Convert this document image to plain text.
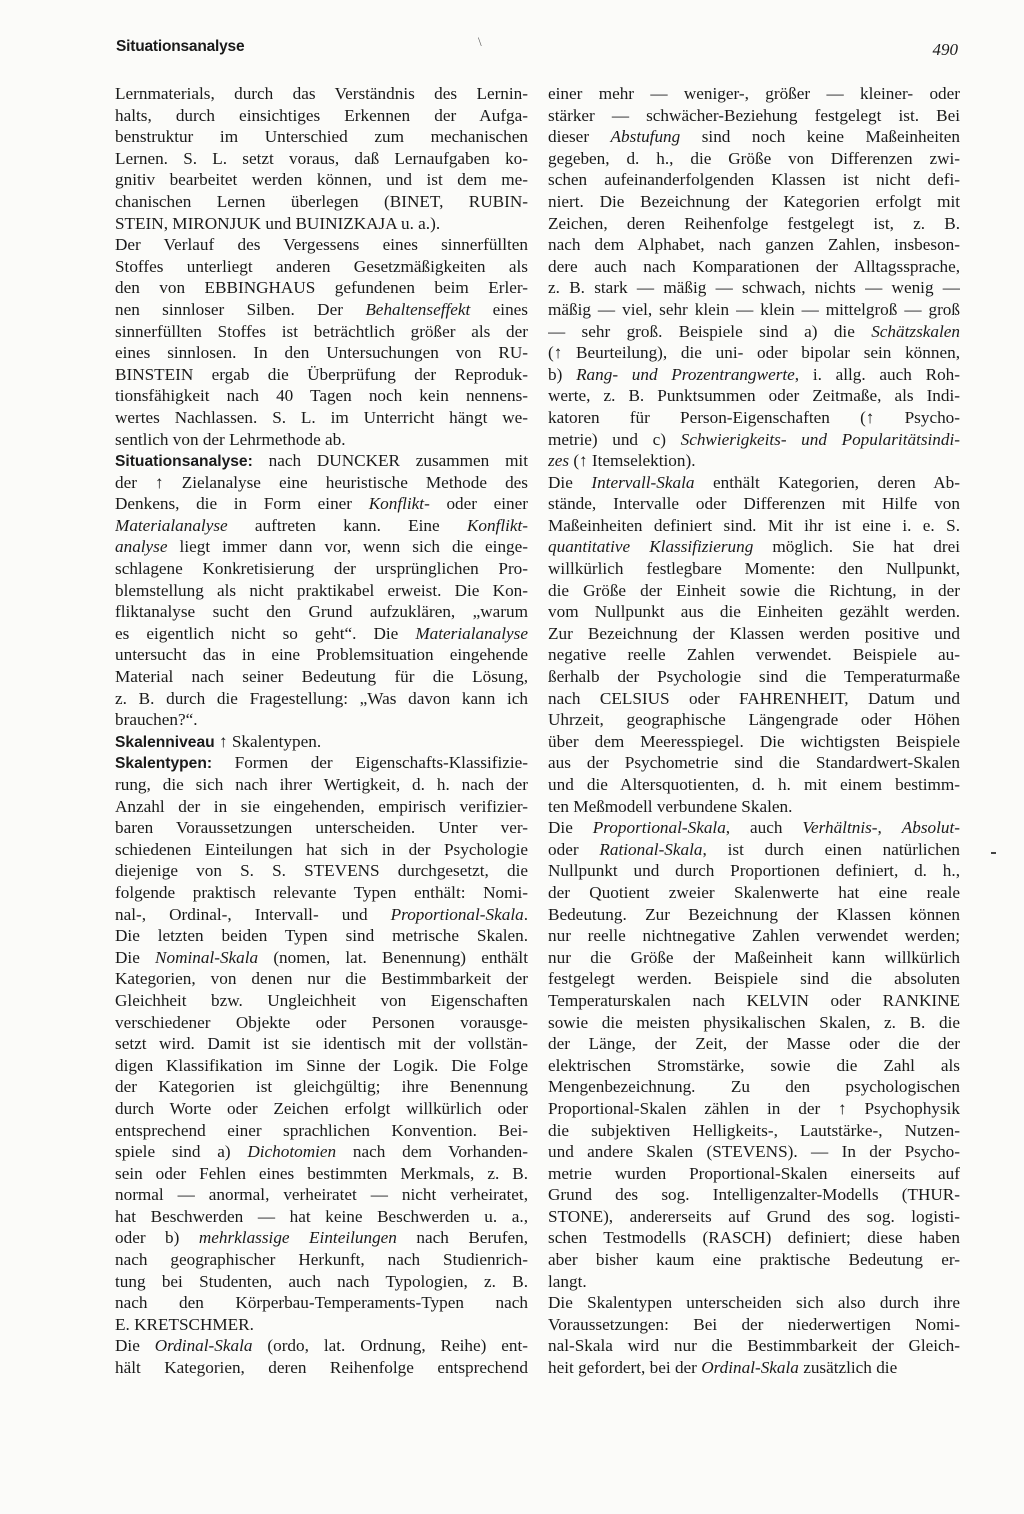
Situationsanalyse	\	490
Lernmaterials, durch das Verständnis des Lernin-
halts, durch einsichtiges Erkennen der Aufga-
benstruktur im Unterschied zum mechanischen
Lernen. S. L. setzt voraus, daß Lernaufgaben ko-
gnitiv bearbeitet werden können, und ist dem me-
chanischen Lernen überlegen (BINET, RUBIN-
STEIN, MIRONJUK und BUINIZKAJA u. a.).
Der Verlauf des Vergessens eines sinnerfüllten
Stoffes unterliegt anderen Gesetzmäßigkeiten als
den von EBBINGHAUS gefundenen beim Erler-
nen sinnloser Silben. Der Behaltenseffekt eines
sinnerfüllten Stoffes ist beträchtlich größer als der
eines sinnlosen. In den Untersuchungen von RU-
BINSTEIN ergab die Überprüfung der Reproduk-
tionsfähigkeit nach 40 Tagen noch kein nennens-
wertes Nachlassen. S. L. im Unterricht hängt we-
sentlich von der Lehrmethode ab.
Situationsanalyse: nach DUNCKER zusammen mit
der ↑ Zielanalyse eine heuristische Methode des
Denkens, die in Form einer Konflikt- oder einer
Materialanalyse auftreten kann. Eine Konflikt-
analyse liegt immer dann vor, wenn sich die einge-
schlagene Konkretisierung der ursprünglichen Pro-
blemstellung als nicht praktikabel erweist. Die Kon-
fliktanalyse sucht den Grund aufzuklären, „warum
es eigentlich nicht so geht“. Die Materialanalyse
untersucht das in eine Problemsituation eingehende
Material nach seiner Bedeutung für die Lösung,
z. B. durch die Fragestellung: „Was davon kann ich
brauchen?“.
Skalenniveau ↑ Skalentypen.
Skalentypen: Formen der Eigenschafts-Klassifizie-
rung, die sich nach ihrer Wertigkeit, d. h. nach der
Anzahl der in sie eingehenden, empirisch verifizier-
baren Voraussetzungen unterscheiden. Unter ver-
schiedenen Einteilungen hat sich in der Psychologie
diejenige von S. S. STEVENS durchgesetzt, die
folgende praktisch relevante Typen enthält: Nomi-
nal-, Ordinal-, Intervall- und Proportional-Skala.
Die letzten beiden Typen sind metrische Skalen.
Die Nominal-Skala (nomen, lat. Benennung) enthält
Kategorien, von denen nur die Bestimmbarkeit der
Gleichheit bzw. Ungleichheit von Eigenschaften
verschiedener Objekte oder Personen vorausge-
setzt wird. Damit ist sie identisch mit der vollstän-
digen Klassifikation im Sinne der Logik. Die Folge
der Kategorien ist gleichgültig; ihre Benennung
durch Worte oder Zeichen erfolgt willkürlich oder
entsprechend einer sprachlichen Konvention. Bei-
spiele sind a) Dichotomien nach dem Vorhanden-
sein oder Fehlen eines bestimmten Merkmals, z. B.
normal — anormal, verheiratet — nicht verheiratet,
hat Beschwerden — hat keine Beschwerden u. a.,
oder b) mehrklassige Einteilungen nach Berufen,
nach geographischer Herkunft, nach Studienrich-
tung bei Studenten, auch nach Typologien, z. B.
nach den Körperbau-Temperaments-Typen nach
E. KRETSCHMER.
Die Ordinal-Skala (ordo, lat. Ordnung, Reihe) ent-
hält Kategorien, deren Reihenfolge entsprechend
einer mehr — weniger-, größer — kleiner- oder
stärker — schwächer-Beziehung festgelegt ist. Bei
dieser Abstufung sind noch keine Maßeinheiten
gegeben, d. h., die Größe von Differenzen zwi-
schen aufeinanderfolgenden Klassen ist nicht defi-
niert. Die Bezeichnung der Kategorien erfolgt mit
Zeichen, deren Reihenfolge festgelegt ist, z. B.
nach dem Alphabet, nach ganzen Zahlen, insbeson-
dere auch nach Komparationen der Alltagssprache,
z. B. stark — mäßig — schwach, nichts — wenig —
mäßig — viel, sehr klein — klein — mittelgroß — groß
— sehr groß. Beispiele sind a) die Schätzskalen
(↑ Beurteilung), die uni- oder bipolar sein können,
b) Rang- und Prozentrangwerte, i. allg. auch Roh-
werte, z. B. Punktsummen oder Zeitmaße, als Indi-
katoren für Person-Eigenschaften (↑ Psycho-
metrie) und c) Schwierigkeits- und Popularitätsindi-
zes (↑ Itemselektion).
Die Intervall-Skala enthält Kategorien, deren Ab-
stände, Intervalle oder Differenzen mit Hilfe von
Maßeinheiten definiert sind. Mit ihr ist eine i. e. S.
quantitative Klassifizierung möglich. Sie hat drei
willkürlich festlegbare Momente: den Nullpunkt,
die Größe der Einheit sowie die Richtung, in der
vom Nullpunkt aus die Einheiten gezählt werden.
Zur Bezeichnung der Klassen werden positive und
negative reelle Zahlen verwendet. Beispiele au-
ßerhalb der Psychologie sind die Temperaturmaße
nach CELSIUS oder FAHRENHEIT, Datum und
Uhrzeit, geographische Längengrade oder Höhen
über dem Meeresspiegel. Die wichtigsten Beispiele
aus der Psychometrie sind die Standardwert-Skalen
und die Altersquotienten, d. h. mit einem bestimm-
ten Meßmodell verbundene Skalen.
Die Proportional-Skala, auch Verhältnis-, Absolut-
oder Rational-Skala, ist durch einen natürlichen
Nullpunkt und durch Proportionen definiert, d. h.,
der Quotient zweier Skalenwerte hat eine reale
Bedeutung. Zur Bezeichnung der Klassen können
nur reelle nichtnegative Zahlen verwendet werden;
nur die Größe der Maßeinheit kann willkürlich
festgelegt werden. Beispiele sind die absoluten
Temperaturskalen nach KELVIN oder RANKINE
sowie die meisten physikalischen Skalen, z. B. die
der Länge, der Zeit, der Masse oder die der
elektrischen Stromstärke, sowie die Zahl als
Mengenbezeichnung. Zu den psychologischen
Proportional-Skalen zählen in der ↑ Psychophysik
die subjektiven Helligkeits-, Lautstärke-, Nutzen-
und andere Skalen (STEVENS). — In der Psycho-
metrie wurden Proportional-Skalen einerseits auf
Grund des sog. Intelligenzalter-Modells (THUR-
STONE), andererseits auf Grund des sog. logisti-
schen Testmodells (RASCH) definiert; diese haben
aber bisher kaum eine praktische Bedeutung er-
langt.
Die Skalentypen unterscheiden sich also durch ihre
Voraussetzungen: Bei der niederwertigen Nomi-
nal-Skala wird nur die Bestimmbarkeit der Gleich-
heit gefordert, bei der Ordinal-Skala zusätzlich die
